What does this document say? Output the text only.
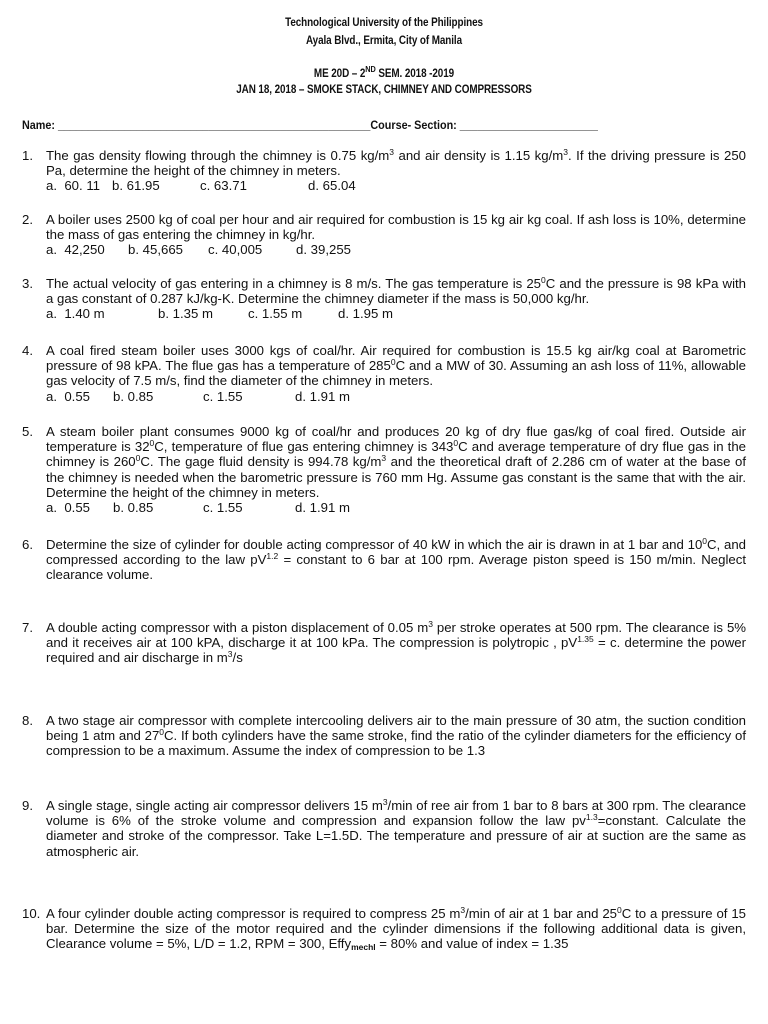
Technological University of the Philippines
Ayala Blvd., Ermita, City of Manila
ME 20D – 2ND SEM. 2018 -2019
JAN 18, 2018 – SMOKE STACK, CHIMNEY AND COMPRESSORS
Name: ____________________________________________________Course- Section: _______________________
1. The gas density flowing through the chimney is 0.75 $kg/m^3$ and air density is 1.15 $kg/m^3$. If the driving pressure is 250 Pa, determine the height of the chimney in meters.
a.  60. 11 b. 61.95	c. 63.71	d. 65.04
2. A boiler uses 2500 kg of coal per hour and air required for combustion is 15 kg air kg coal. If ash loss is 10%, determine the mass of gas entering the chimney in kg/hr.
a.  42,250	b. 45,665	c. 40,005	d. 39,255
3. The actual velocity of gas entering in a chimney is 8 m/s. The gas temperature is $25^0C$ and the pressure is 98 kPa with a gas constant of 0.287 kJ/kg-K. Determine the chimney diameter if the mass is 50,000 kg/hr.
a.  1.40 m	b. 1.35 m	c. 1.55 m	d. 1.95 m
4. A coal fired steam boiler uses 3000 kgs of coal/hr. Air required for combustion is 15.5 kg air/kg coal at Barometric pressure of 98 kPA. The flue gas has a temperature of $285^0C$ and a MW of 30. Assuming an ash loss of 11%, allowable gas velocity of 7.5 m/s, find the diameter of the chimney in meters.
a.  0.55	b. 0.85	c. 1.55	d. 1.91 m
5. A steam boiler plant consumes 9000 kg of coal/hr and produces 20 kg of dry flue gas/kg of coal fired. Outside air temperature is $32^0C$, temperature of flue gas entering chimney is $343^0C$ and average temperature of dry flue gas in the chimney is $260^0C$. The gage fluid density is 994.78 $kg/m^3$ and the theoretical draft of 2.286 cm of water at the base of the chimney is needed when the barometric pressure is 760 mm Hg. Assume gas constant is the same that with the air. Determine the height of the chimney in meters.
a.  0.55	b. 0.85	c. 1.55	d. 1.91 m
6. Determine the size of cylinder for double acting compressor of 40 kW in which the air is drawn in at 1 bar and $10^0C$, and compressed according to the law $pV^{1.2}$ = constant to 6 bar at 100 rpm. Average piston speed is 150 m/min. Neglect clearance volume.
7. A double acting compressor with a piston displacement of 0.05 $m^3$ per stroke operates at 500 rpm. The clearance is 5% and it receives air at 100 kPA, discharge it at 100 kPa. The compression is polytropic , $pV^{1.35} = c$. determine the power required and air discharge in $m^3/s$
8. A two stage air compressor with complete intercooling delivers air to the main pressure of 30 atm, the suction condition being 1 atm and $27^0C$. If both cylinders have the same stroke, find the ratio of the cylinder diameters for the efficiency of compression to be a maximum. Assume the index of compression to be 1.3
9. A single stage, single acting air compressor delivers 15 $m^3/\min$ of ree air from 1 bar to 8 bars at 300 rpm. The clearance volume is 6% of the stroke volume and compression and expansion follow the law $pv^{1.3}=constant$. Calculate the diameter and stroke of the compressor. Take L=1.5D. The temperature and pressure of air at suction are the same as atmospheric air.
10. A four cylinder double acting compressor is required to compress 25 $m^3/\min$ of air at 1 bar and $25^0C$ to a pressure of 15 bar. Determine the size of the motor required and the cylinder dimensions if the following additional data is given, Clearance volume = 5%, L/D = 1.2, RPM = 300, Effy$_{mechl}$ = 80% and value of index = 1.35
